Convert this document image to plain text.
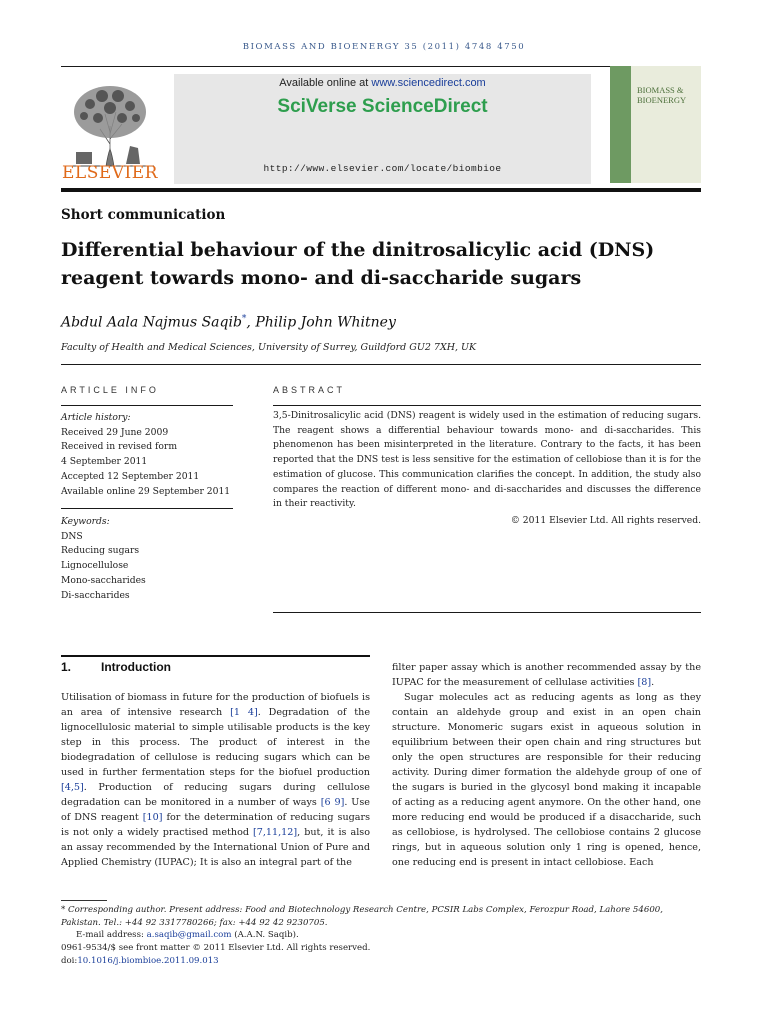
BIOMASS AND BIOENERGY 35 (2011) 4748 4750
ELSEVIER
Available online at www.sciencedirect.com
SciVerse ScienceDirect
http://www.elsevier.com/locate/biombioe
BIOMASS &
BIOENERGY
Short communication
Differential behaviour of the dinitrosalicylic acid (DNS) reagent towards mono- and di-saccharide sugars
Abdul Aala Najmus Saqib*, Philip John Whitney
Faculty of Health and Medical Sciences, University of Surrey, Guildford GU2 7XH, UK
ARTICLE INFO
Article history:
Received 29 June 2009
Received in revised form
4 September 2011
Accepted 12 September 2011
Available online 29 September 2011
Keywords:
DNS
Reducing sugars
Lignocellulose
Mono-saccharides
Di-saccharides
ABSTRACT
3,5-Dinitrosalicylic acid (DNS) reagent is widely used in the estimation of reducing sugars. The reagent shows a differential behaviour towards mono- and di-saccharides. This phenomenon has been misinterpreted in the literature. Contrary to the facts, it has been reported that the DNS test is less sensitive for the estimation of cellobiose than it is for the estimation of glucose. This communication clarifies the concept. In addition, the study also compares the reaction of different mono- and di-saccharides and discusses the difference in their reactivity.
© 2011 Elsevier Ltd. All rights reserved.
1. Introduction

Utilisation of biomass in future for the production of biofuels is an area of intensive research [1 4]. Degradation of the lignocellulosic material to simple utilisable products is the key step in this process. The product of interest in the biodegradation of cellulose is reducing sugars which can be used in further fermentation steps for the biofuel production [4,5]. Production of reducing sugars during cellulose degradation can be monitored in a number of ways [6 9]. Use of DNS reagent [10] for the determination of reducing sugars is not only a widely practised method [7,11,12], but, it is also an assay recommended by the International Union of Pure and Applied Chemistry (IUPAC); It is also an integral part of the

filter paper assay which is another recommended assay by the IUPAC for the measurement of cellulase activities [8].

Sugar molecules act as reducing agents as long as they contain an aldehyde group and exist in an open chain structure. Monomeric sugars exist in aqueous solution in equilibrium between their open chain and ring structures but only the open structures are responsible for their reducing activity. During dimer formation the aldehyde group of one of the sugars is buried in the glycosyl bond making it incapable of acting as a reducing agent anymore. On the other hand, one more reducing end would be produced if a disaccharide, such as cellobiose, is hydrolysed. The cellobiose contains 2 glucose rings, but in aqueous solution only 1 ring is opened, hence, one reducing end is present in intact cellobiose. Each

* Corresponding author. Present address: Food and Biotechnology Research Centre, PCSIR Labs Complex, Ferozpur Road, Lahore 54600, Pakistan. Tel.: +44 92 3317780266; fax: +44 92 42 9230705.
E-mail address: a.saqib@gmail.com (A.A.N. Saqib).
0961-9534/$ see front matter © 2011 Elsevier Ltd. All rights reserved.
doi:10.1016/j.biombioe.2011.09.013
